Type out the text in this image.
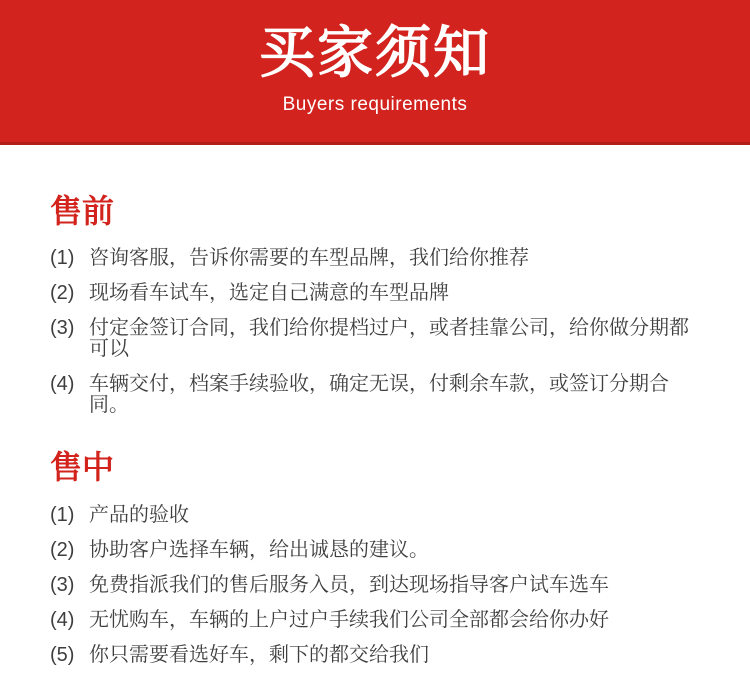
买家须知
Buyers requirements
售前
(1) 咨询客服，告诉你需要的车型品牌，我们给你推荐
(2) 现场看车试车，选定自己满意的车型品牌
(3) 付定金签订合同，我们给你提档过户，或者挂靠公司，给你做分期都可以
(4) 车辆交付，档案手续验收，确定无误，付剩余车款，或签订分期合同。
售中
(1) 产品的验收
(2) 协助客户选择车辆，给出诚恳的建议。
(3) 免费指派我们的售后服务入员，到达现场指导客户试车选车
(4) 无忧购车，车辆的上户过户手续我们公司全部都会给你办好
(5) 你只需要看选好车，剩下的都交给我们
